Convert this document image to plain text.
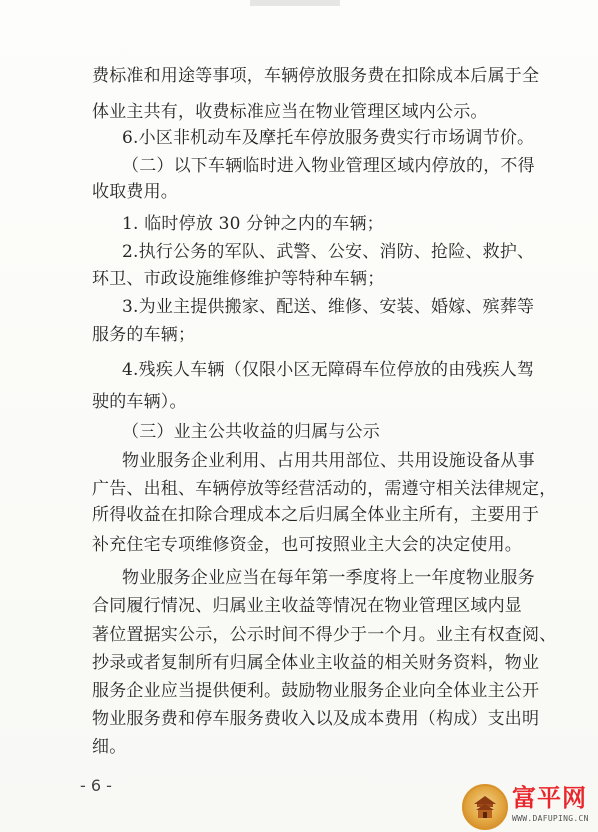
费标准和用途等事项，车辆停放服务费在扣除成本后属于全
体业主共有，收费标准应当在物业管理区域内公示。
6.小区非机动车及摩托车停放服务费实行市场调节价。
（二）以下车辆临时进入物业管理区域内停放的，不得
收取费用。
1. 临时停放 30 分钟之内的车辆；
2.执行公务的军队、武警、公安、消防、抢险、救护、
环卫、市政设施维修维护等特种车辆；
3.为业主提供搬家、配送、维修、安装、婚嫁、殡葬等
服务的车辆；
4.残疾人车辆（仅限小区无障碍车位停放的由残疾人驾
驶的车辆）。
（三）业主公共收益的归属与公示
物业服务企业利用、占用共用部位、共用设施设备从事
广告、出租、车辆停放等经营活动的，需遵守相关法律规定，
所得收益在扣除合理成本之后归属全体业主所有，主要用于
补充住宅专项维修资金，也可按照业主大会的决定使用。
物业服务企业应当在每年第一季度将上一年度物业服务
合同履行情况、归属业主收益等情况在物业管理区域内显
著位置据实公示，公示时间不得少于一个月。业主有权查阅、
抄录或者复制所有归属全体业主收益的相关财务资料，物业
服务企业应当提供便利。鼓励物业服务企业向全体业主公开
物业服务费和停车服务费收入以及成本费用（构成）支出明
细。
- 6 -	富平网
WWW.DAFUPING.CN
